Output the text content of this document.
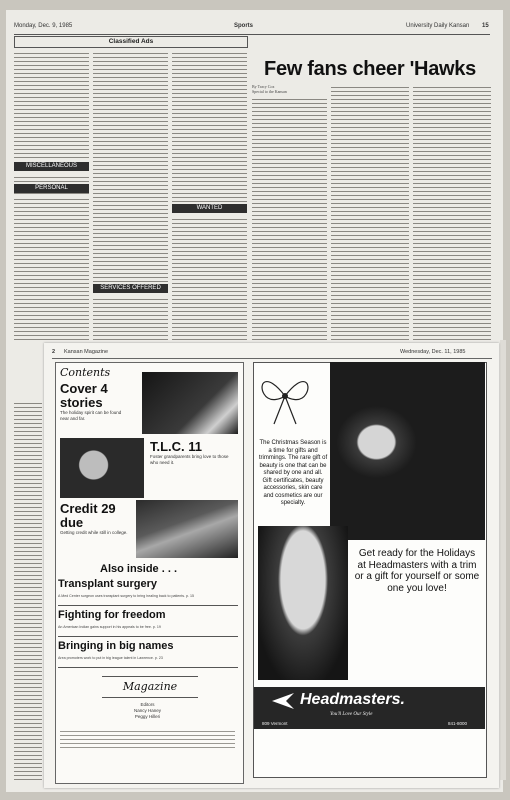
Monday, Dec. 9, 1985	Sports	University Daily Kansan 15
Classified Ads
MISCELLANEOUS
PERSONAL
SERVICES OFFERED
WANTED
Few fans cheer 'Hawks
By Tracy Cox
Special to the Kansan
2 Kansan Magazine	Wednesday, Dec. 11, 1985
Contents
Cover 4
stories
The holiday spirit can be found near and far.
T.L.C. 11
Foster grandparents bring love to those who need it.
Credit 29
due
Getting credit while still in college.
Also inside . . .
Transplant surgery
A Med Center surgeon uses transplant surgery to bring healing back to patients. p. 15
Fighting for freedom
An American Indian gains support in his appeals to be free. p. 19
Bringing in big names
Area promoters work to put in big league talent in Lawrence. p. 23
Magazine
Editors
Nancy Haney
Peggy Hilleri
The Christmas Season is a time for gifts and trimmings. The rare gift of beauty is one that can be shared by one and all. Gift certificates, beauty accessories, skin care and cosmetics are our specialty.
Get ready for the Holidays at Headmasters with a trim or a gift for yourself or some one you love!
Headmasters.
You'll Love Our Style
809 Vermont	841-8000
